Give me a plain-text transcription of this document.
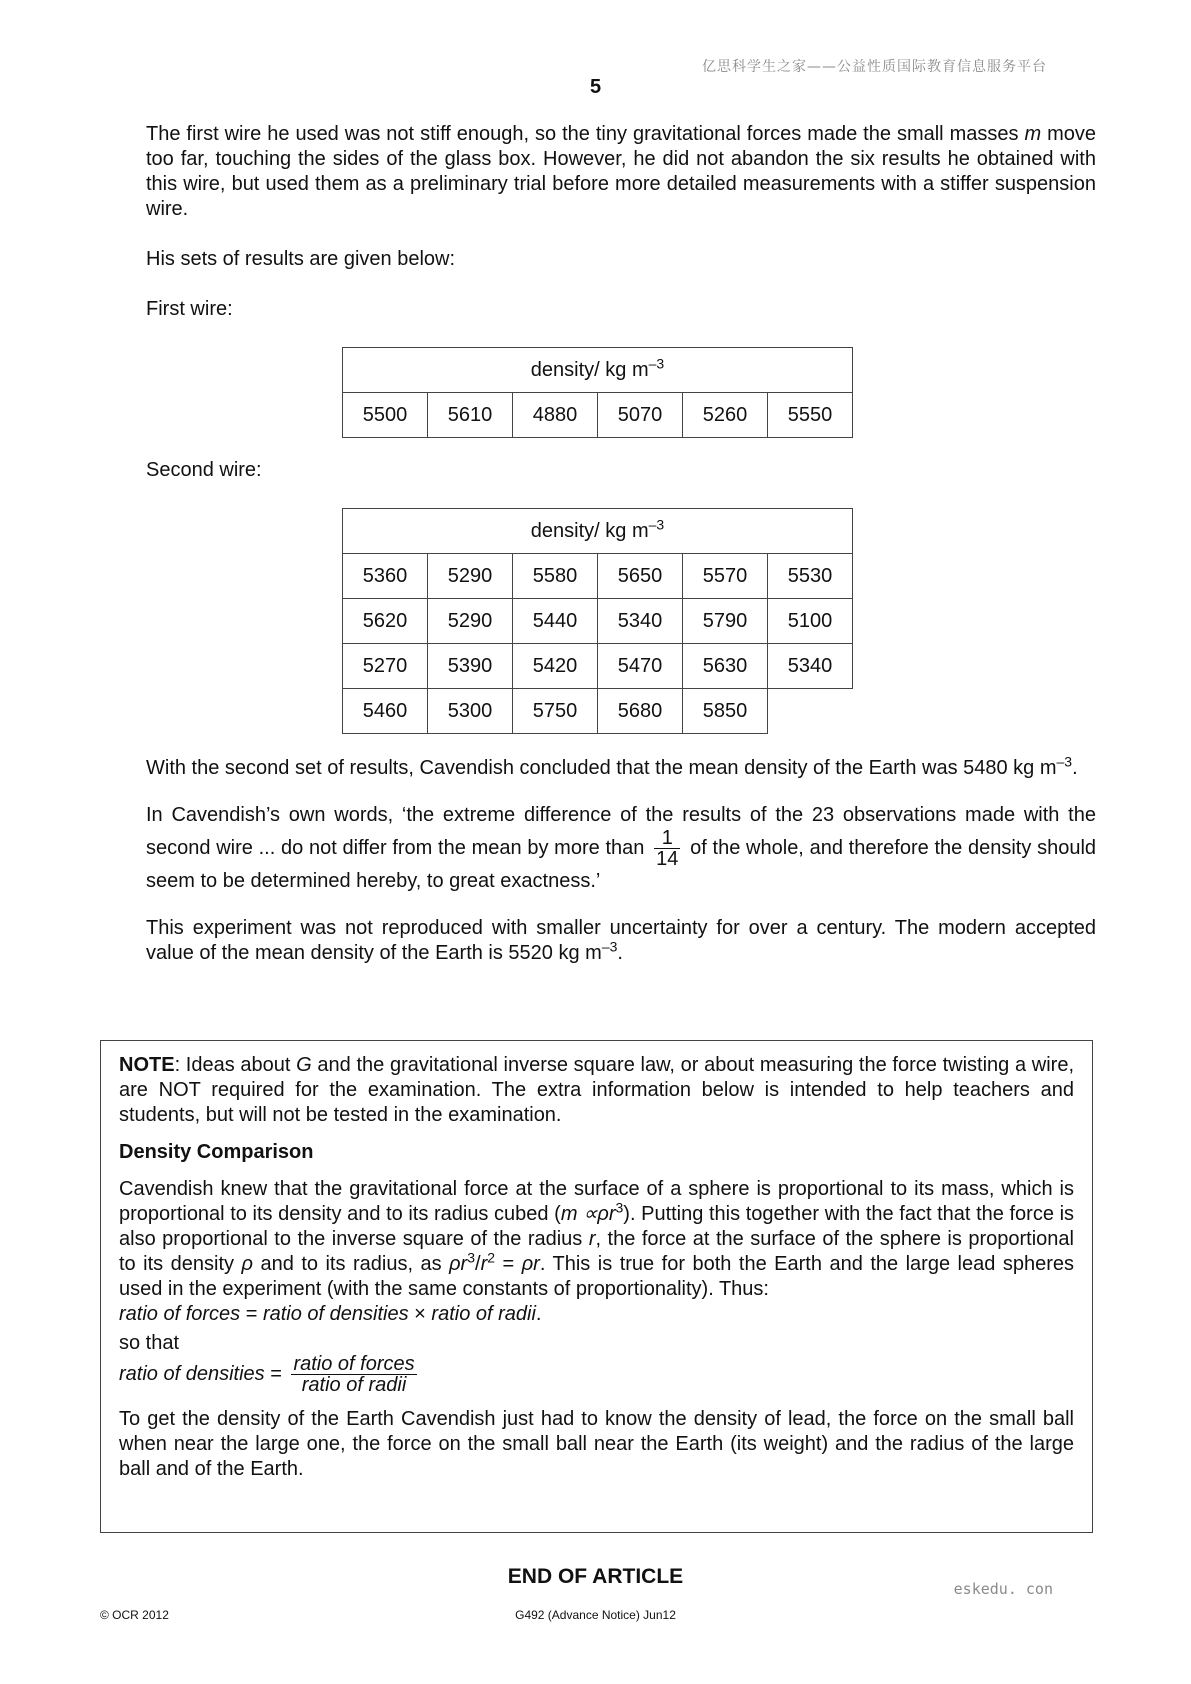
亿思科学生之家——公益性质国际教育信息服务平台
5

The first wire he used was not stiff enough, so the tiny gravitational forces made the small masses m move too far, touching the sides of the glass box. However, he did not abandon the six results he obtained with this wire, but used them as a preliminary trial before more detailed measurements with a stiffer suspension wire.

His sets of results are given below:

First wire:

density/ kg $m^{-3}$
5500	5610	4880	5070	5260	5550

Second wire:

density/ kg $m^{-3}$
5360	5290	5580	5650	5570	5530
5620	5290	5440	5340	5790	5100
5270	5390	5420	5470	5630	5340
5460	5300	5750	5680	5850	

With the second set of results, Cavendish concluded that the mean density of the Earth was 5480 kg $m^{-3}$.

In Cavendish’s own words, ‘the extreme difference of the results of the 23 observations made with the second wire ... do not differ from the mean by more than $\frac{1}{14}$ of the whole, and therefore the density should seem to be determined hereby, to great exactness.’

This experiment was not reproduced with smaller uncertainty for over a century. The modern accepted value of the mean density of the Earth is 5520 kg $m^{-3}$.

NOTE: Ideas about G and the gravitational inverse square law, or about measuring the force twisting a wire, are NOT required for the examination. The extra information below is intended to help teachers and students, but will not be tested in the examination.

Density Comparison

Cavendish knew that the gravitational force at the surface of a sphere is proportional to its mass, which is proportional to its density and to its radius cubed $(m \propto\rho r^3)$. Putting this together with the fact that the force is also proportional to the inverse square of the radius r, the force at the surface of the sphere is proportional to its density ρ and to its radius, as $\rho r^3/r^2 = \rho r$. This is true for both the Earth and the large lead spheres used in the experiment (with the same constants of proportionality). Thus:

ratio of forces = ratio of densities × ratio of radii.

so that

ratio of densities = $\frac{\text{ratio of forces}}{\text{ratio of radii}}$

To get the density of the Earth Cavendish just had to know the density of lead, the force on the small ball when near the large one, the force on the small ball near the Earth (its weight) and the radius of the large ball and of the Earth.

END OF ARTICLE
eskedu. con
© OCR 2012	G492 (Advance Notice) Jun12
